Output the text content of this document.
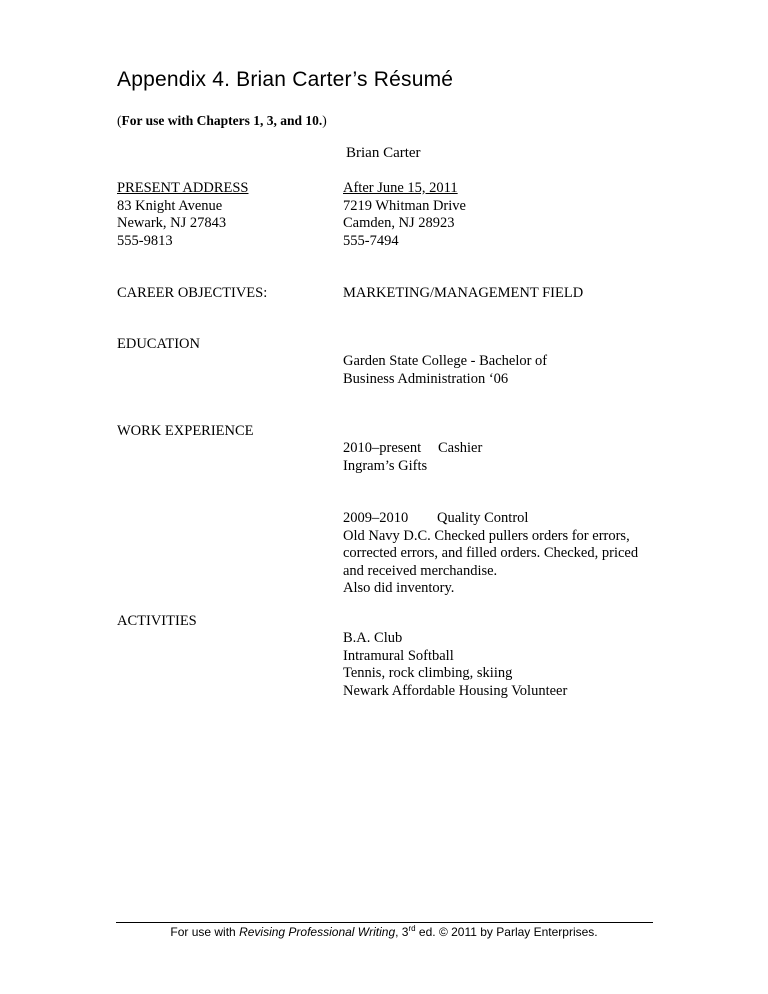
Appendix 4. Brian Carter’s Résumé
(For use with Chapters 1, 3, and 10.)
Brian Carter
PRESENT ADDRESS
83 Knight Avenue
Newark, NJ 27843
555-9813
After June 15, 2011
7219 Whitman Drive
Camden, NJ 28923
555-7494
CAREER OBJECTIVES:	MARKETING/MANAGEMENT FIELD
EDUCATION
Garden State College - Bachelor of
Business Administration ‘06
WORK EXPERIENCE
2010–present Cashier
Ingram’s Gifts
2009–2010 Quality Control
Old Navy D.C. Checked pullers orders for errors,
corrected errors, and filled orders. Checked, priced
and received merchandise.
Also did inventory.
ACTIVITIES
B.A. Club
Intramural Softball
Tennis, rock climbing, skiing
Newark Affordable Housing Volunteer
For use with Revising Professional Writing, 3rd ed. © 2011 by Parlay Enterprises.
